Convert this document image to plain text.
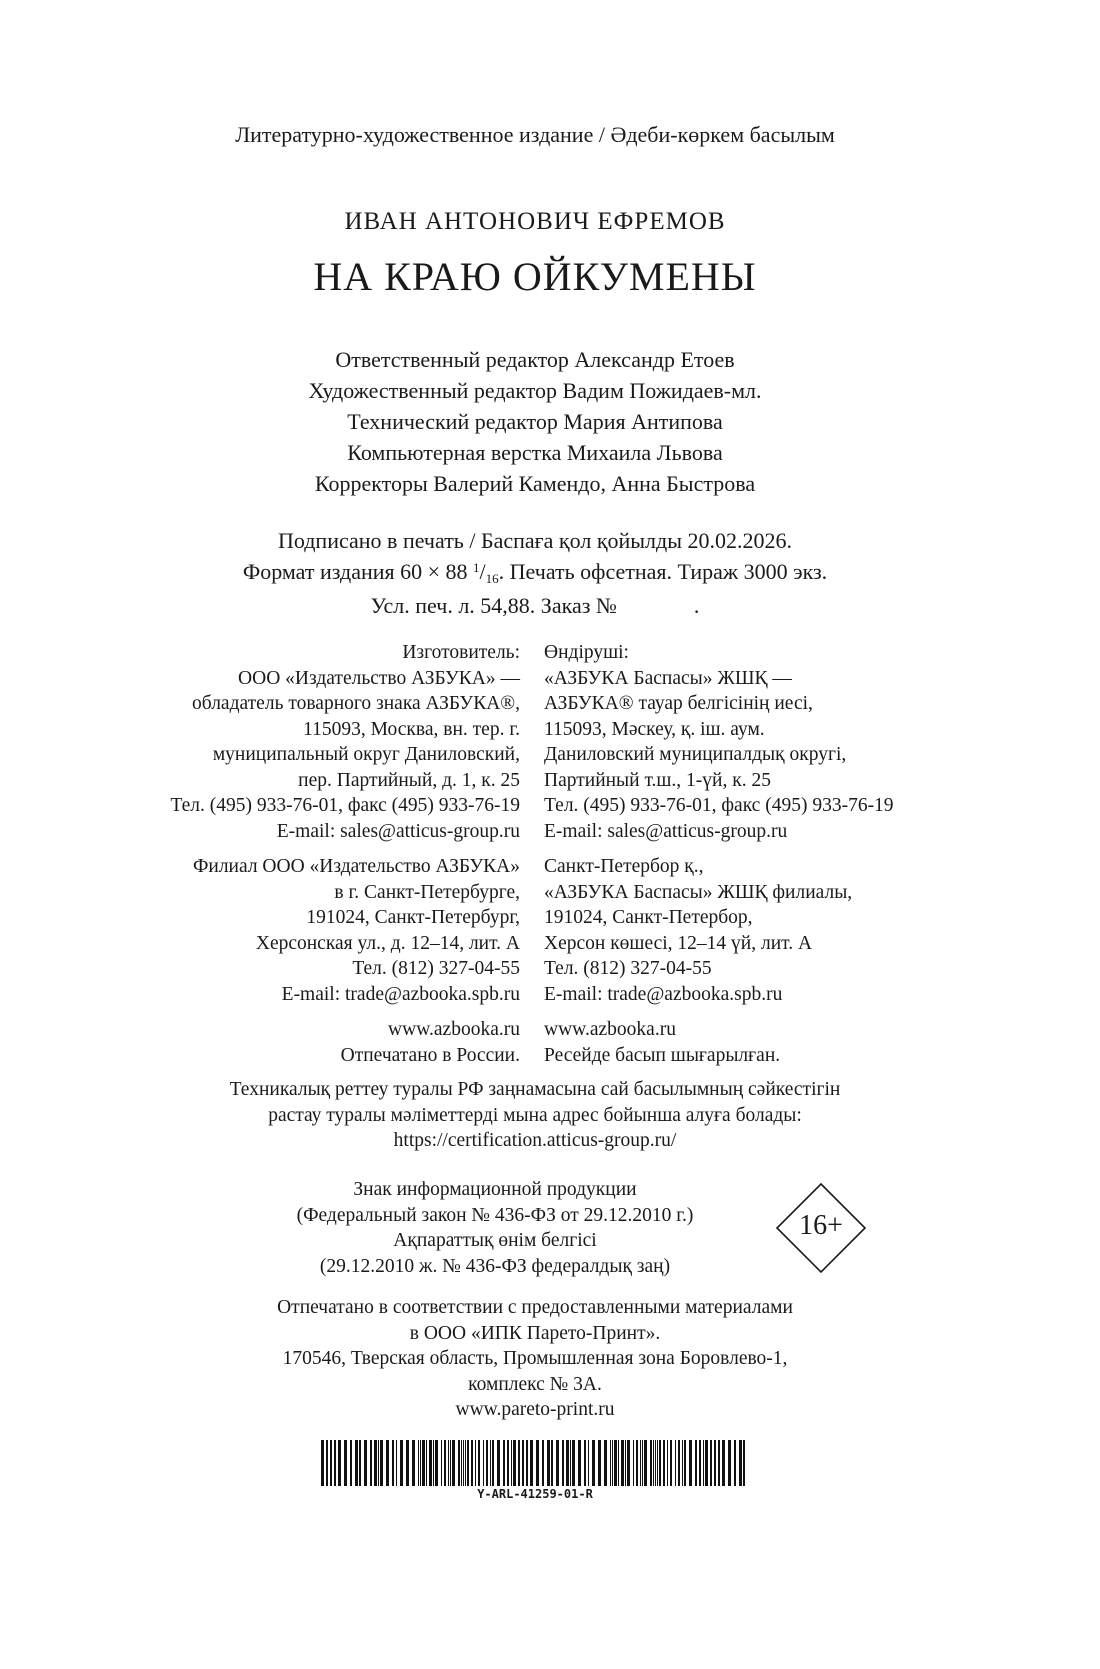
Литературно-художественное издание / Әдеби-көркем басылым
ИВАН АНТОНОВИЧ ЕФРЕМОВ
НА КРАЮ ОЙКУМЕНЫ
Ответственный редактор Александр Етоев
Художественный редактор Вадим Пожидаев-мл.
Технический редактор Мария Антипова
Компьютерная верстка Михаила Львова
Корректоры Валерий Камендо, Анна Быстрова
Подписано в печать / Баспаға қол қойылды 20.02.2026.
Формат издания 60 × 88 $^1/_{16}$. Печать офсетная. Тираж 3000 экз.
Усл. печ. л. 54,88. Заказ №              .
Изготовитель:
ООО «Издательство АЗБУКА» —
обладатель товарного знака АЗБУКА®,
115093, Москва, вн. тер. г.
муниципальный округ Даниловский,
пер. Партийный, д. 1, к. 25
Тел. (495) 933-76-01, факс (495) 933-76-19
E-mail: sales@atticus-group.ru
Филиал ООО «Издательство АЗБУКА»
в г. Санкт-Петербурге,
191024, Санкт-Петербург,
Херсонская ул., д. 12–14, лит. А
Тел. (812) 327-04-55
E-mail: trade@azbooka.spb.ru
www.azbooka.ru
Отпечатано в России.
Өндіруші:
«АЗБУКА Баспасы» ЖШҚ —
АЗБУКА® тауар белгісінің иесі,
115093, Мәскеу, қ. іш. аум.
Даниловский муниципалдық округі,
Партийный т.ш., 1-үй, к. 25
Тел. (495) 933-76-01, факс (495) 933-76-19
E-mail: sales@atticus-group.ru
Санкт-Петербор қ.,
«АЗБУКА Баспасы» ЖШҚ филиалы,
191024, Санкт-Петербор,
Херсон көшесі, 12–14 үй, лит. А
Тел. (812) 327-04-55
E-mail: trade@azbooka.spb.ru
www.azbooka.ru
Ресейде басып шығарылған.
Техникалық реттеу туралы РФ заңнамасына сай басылымның сәйкестігін
растау туралы мәліметтерді мына адрес бойынша алуға болады:
https://certification.atticus-group.ru/
Знак информационной продукции
(Федеральный закон № 436-ФЗ от 29.12.2010 г.)
Ақпараттық өнім белгісі
(29.12.2010 ж. № 436-ФЗ федералдық заң)
16+
Отпечатано в соответствии с предоставленными материалами
в ООО «ИПК Парето-Принт».
170546, Тверская область, Промышленная зона Боровлево-1,
комплекс № 3А.
www.pareto-print.ru
Y-ARL-41259-01-R
